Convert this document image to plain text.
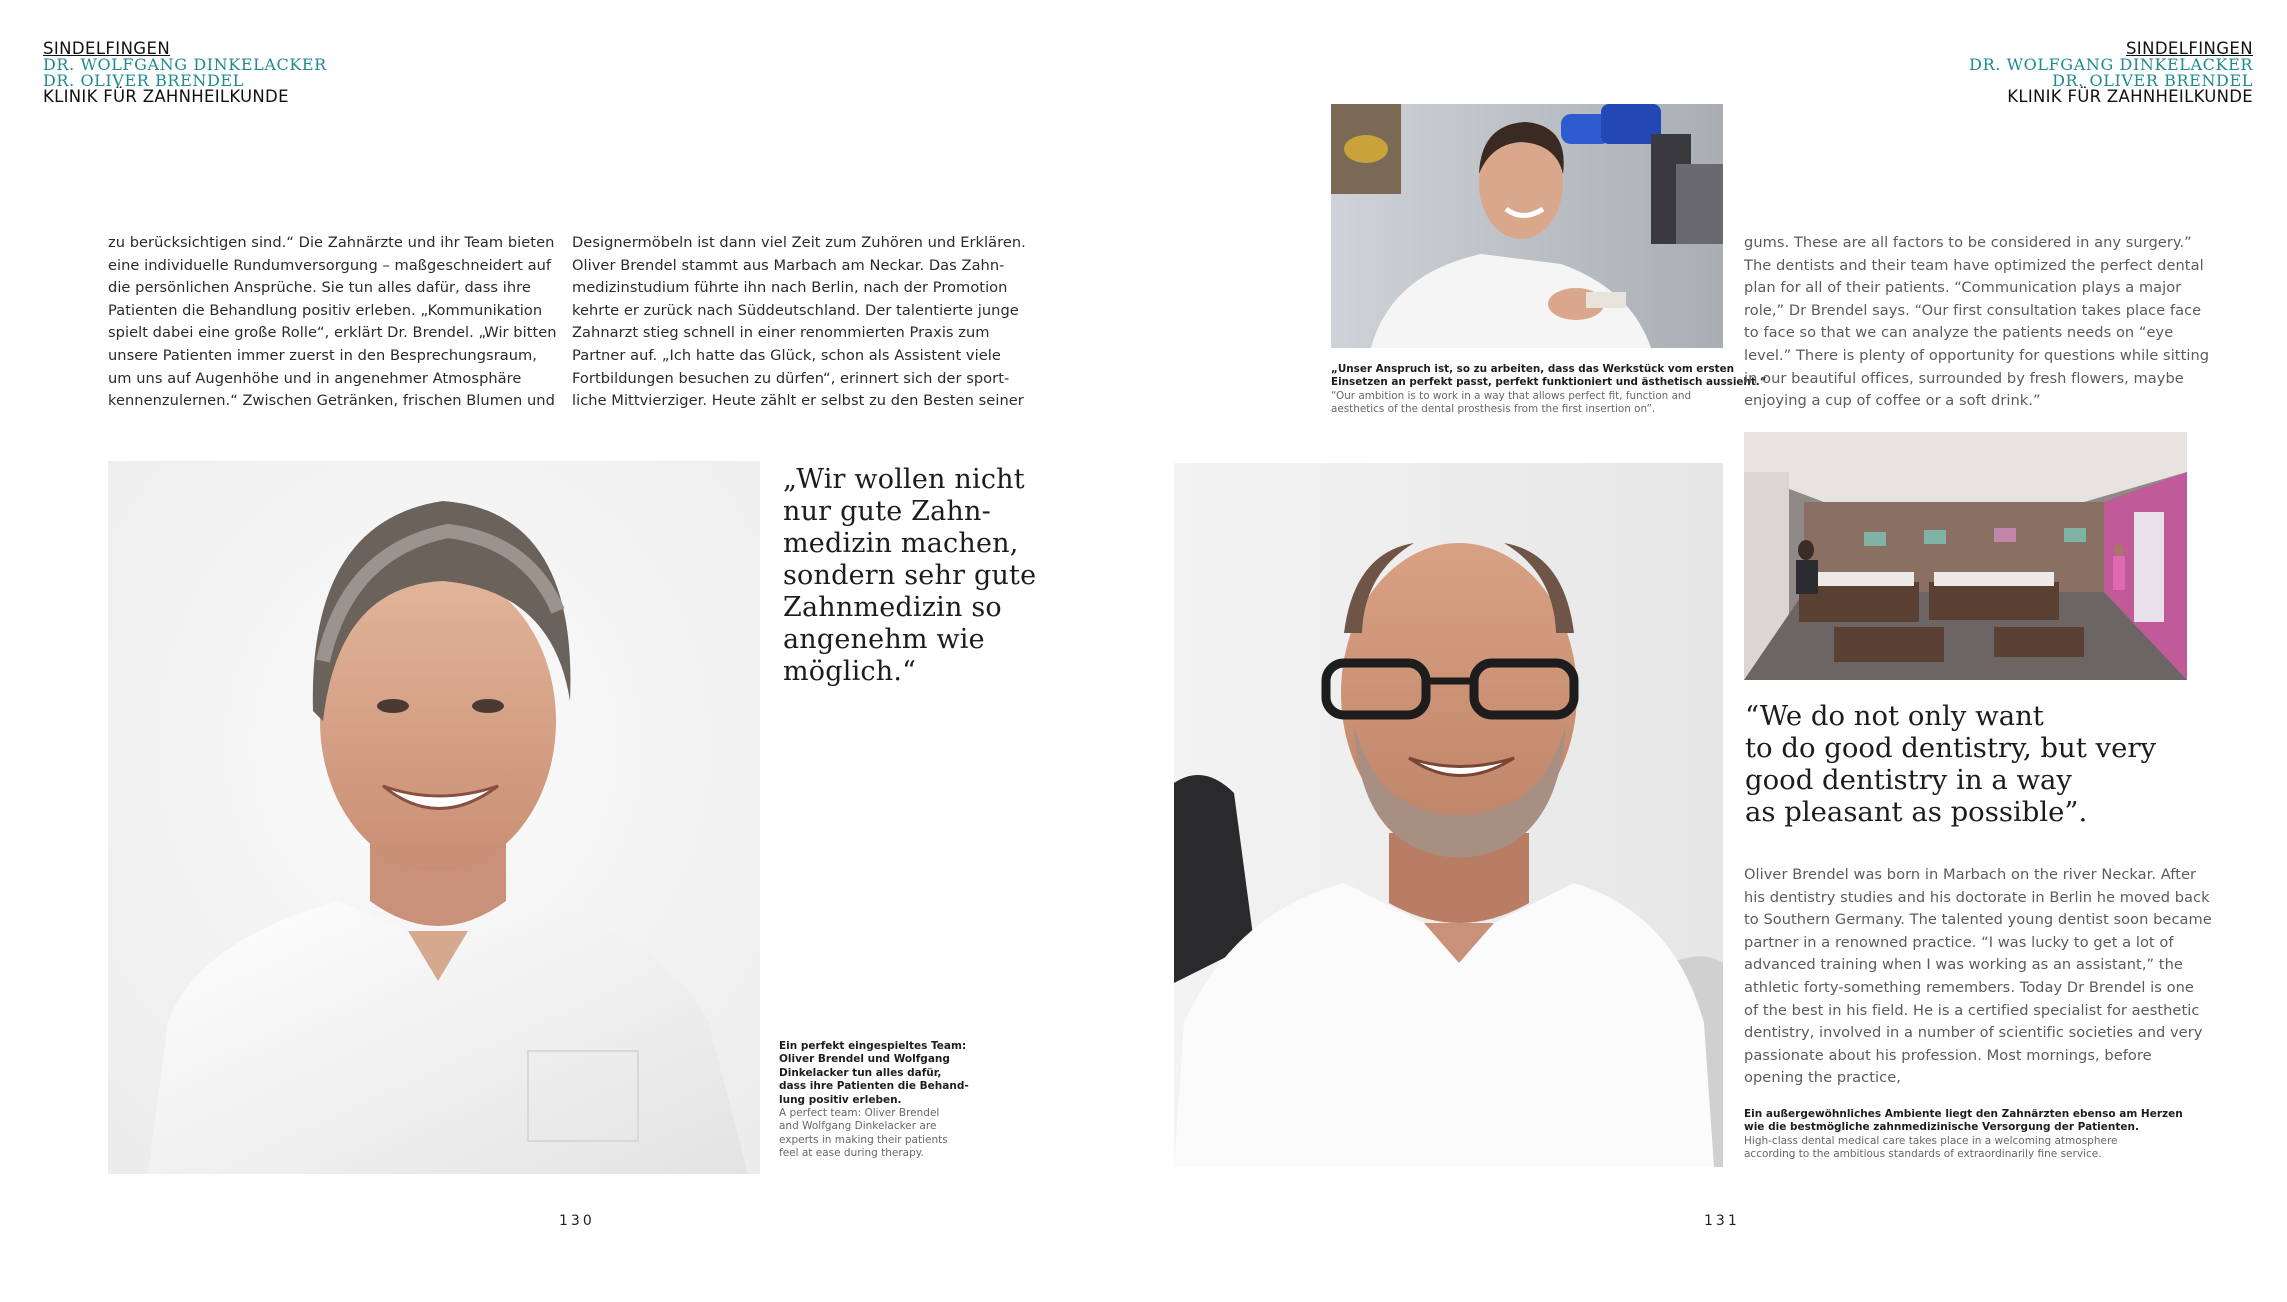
SINDELFINGEN
DR. WOLFGANG DINKELACKER
DR. OLIVER BRENDEL
KLINIK FÜR ZAHNHEILKUNDE
SINDELFINGEN
DR. WOLFGANG DINKELACKER
DR. OLIVER BRENDEL
KLINIK FÜR ZAHNHEILKUNDE

zu berücksichtigen sind.“ Die Zahnärzte und ihr Team bieten

eine individuelle Rundumversorgung – maßgeschneidert auf

die persönlichen Ansprüche. Sie tun alles dafür, dass ihre

Patienten die Behandlung positiv erleben. „Kommunikation

spielt dabei eine große Rolle“, erklärt Dr. Brendel. „Wir bitten

unsere Patienten immer zuerst in den Besprechungsraum,

um uns auf Augenhöhe und in angenehmer Atmosphäre

kennenzulernen.“ Zwischen Getränken, frischen Blumen und

Designermöbeln ist dann viel Zeit zum Zuhören und Erklären.

Oliver Brendel stammt aus Marbach am Neckar. Das Zahn-

medizinstudium führte ihn nach Berlin, nach der Promotion

kehrte er zurück nach Süddeutschland. Der talentierte junge

Zahnarzt stieg schnell in einer renommierten Praxis zum

Partner auf. „Ich hatte das Glück, schon als Assistent viele

Fortbildungen besuchen zu dürfen“, erinnert sich der sport-

liche Mittvierziger. Heute zählt er selbst zu den Besten seiner

„Wir wollen nicht

nur gute Zahn-

medizin machen,

sondern sehr gute

Zahnmedizin so

angenehm wie

möglich.“

Ein perfekt eingespieltes Team:

Oliver Brendel und Wolfgang

Dinkelacker tun alles dafür,

dass ihre Patienten die Behand-

lung positiv erleben.

A perfect team: Oliver Brendel

and Wolfgang Dinkelacker are

experts in making their patients

feel at ease during therapy.

130	131

„Unser Anspruch ist, so zu arbeiten, dass das Werkstück vom ersten

Einsetzen an perfekt passt, perfekt funktioniert und ästhetisch aussieht.“

“Our ambition is to work in a way that allows perfect fit, function and

aesthetics of the dental prosthesis from the first insertion on”.

gums. These are all factors to be considered in any surgery.”

The dentists and their team have optimized the perfect dental

plan for all of their patients. “Communication plays a major

role,” Dr Brendel says. “Our first consultation takes place face

to face so that we can analyze the patients needs on “eye

level.” There is plenty of opportunity for questions while sitting

in our beautiful offices, surrounded by fresh flowers, maybe

enjoying a cup of coffee or a soft drink.”

“We do not only want

to do good dentistry, but very

good dentistry in a way

as pleasant as possible”.

Oliver Brendel was born in Marbach on the river Neckar. After

his dentistry studies and his doctorate in Berlin he moved back

to Southern Germany. The talented young dentist soon became

partner in a renowned practice. “I was lucky to get a lot of

advanced training when I was working as an assistant,” the

athletic forty-something remembers. Today Dr Brendel is one

of the best in his field. He is a certified specialist for aesthetic

dentistry, involved in a number of scientific societies and very

passionate about his profession. Most mornings, before

opening the practice,

Ein außergewöhnliches Ambiente liegt den Zahnärzten ebenso am Herzen

wie die bestmögliche zahnmedizinische Versorgung der Patienten.

High-class dental medical care takes place in a welcoming atmosphere

according to the ambitious standards of extraordinarily fine service.
